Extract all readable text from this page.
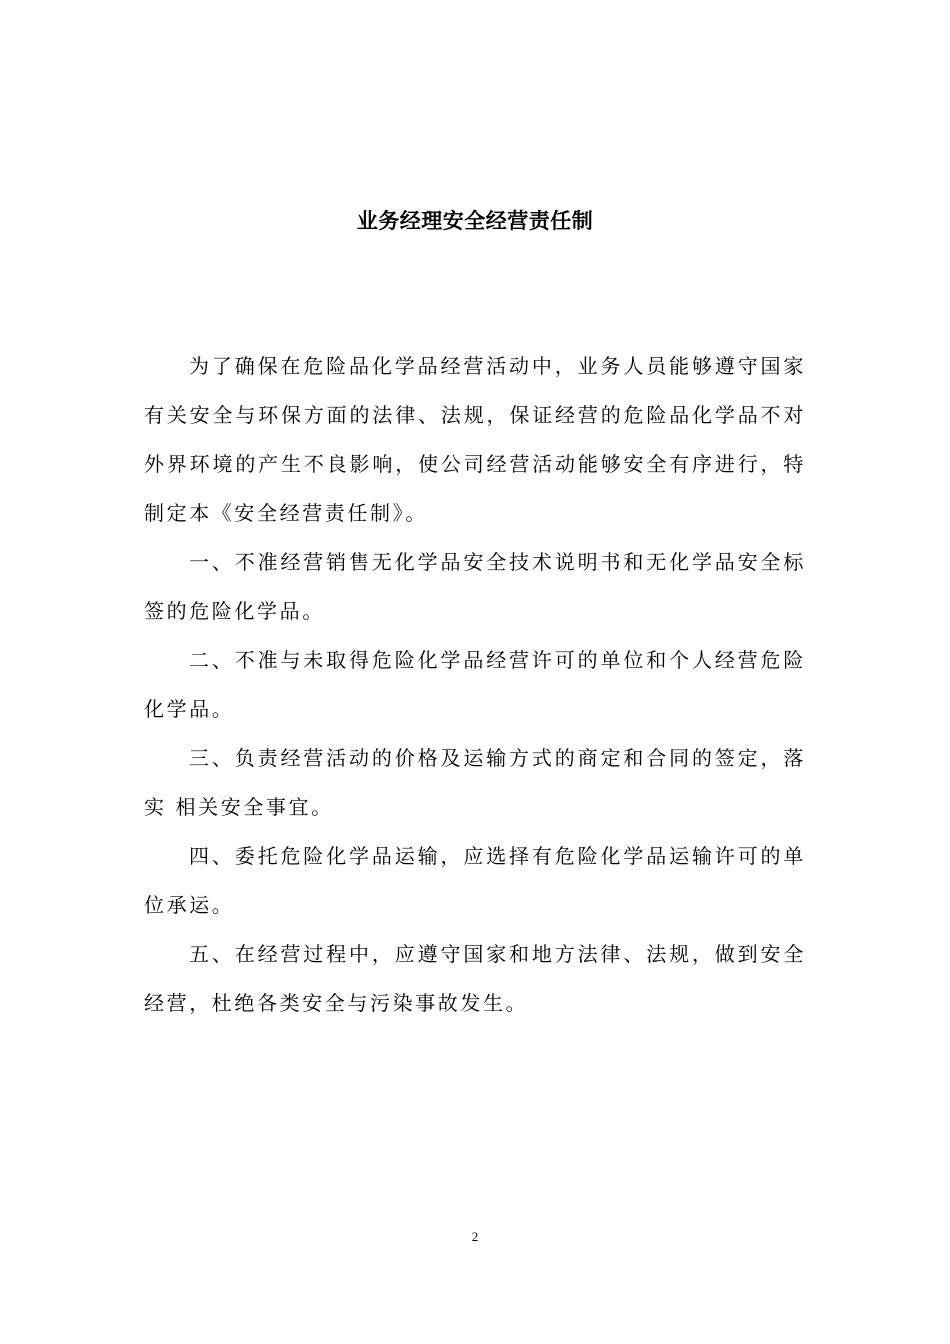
业务经理安全经营责任制

为了确保在危险品化学品经营活动中，业务人员能够遵守国家有关安全与环保方面的法律、法规，保证经营的危险品化学品不对外界环境的产生不良影响，使公司经营活动能够安全有序进行，特制定本《安全经营责任制》。

一、不准经营销售无化学品安全技术说明书和无化学品安全标签的危险化学品。

二、不准与未取得危险化学品经营许可的单位和个人经营危险化学品。

三、负责经营活动的价格及运输方式的商定和合同的签定，落实 相关安全事宜。

四、委托危险化学品运输，应选择有危险化学品运输许可的单位承运。

五、在经营过程中，应遵守国家和地方法律、法规，做到安全经营，杜绝各类安全与污染事故发生。

2
